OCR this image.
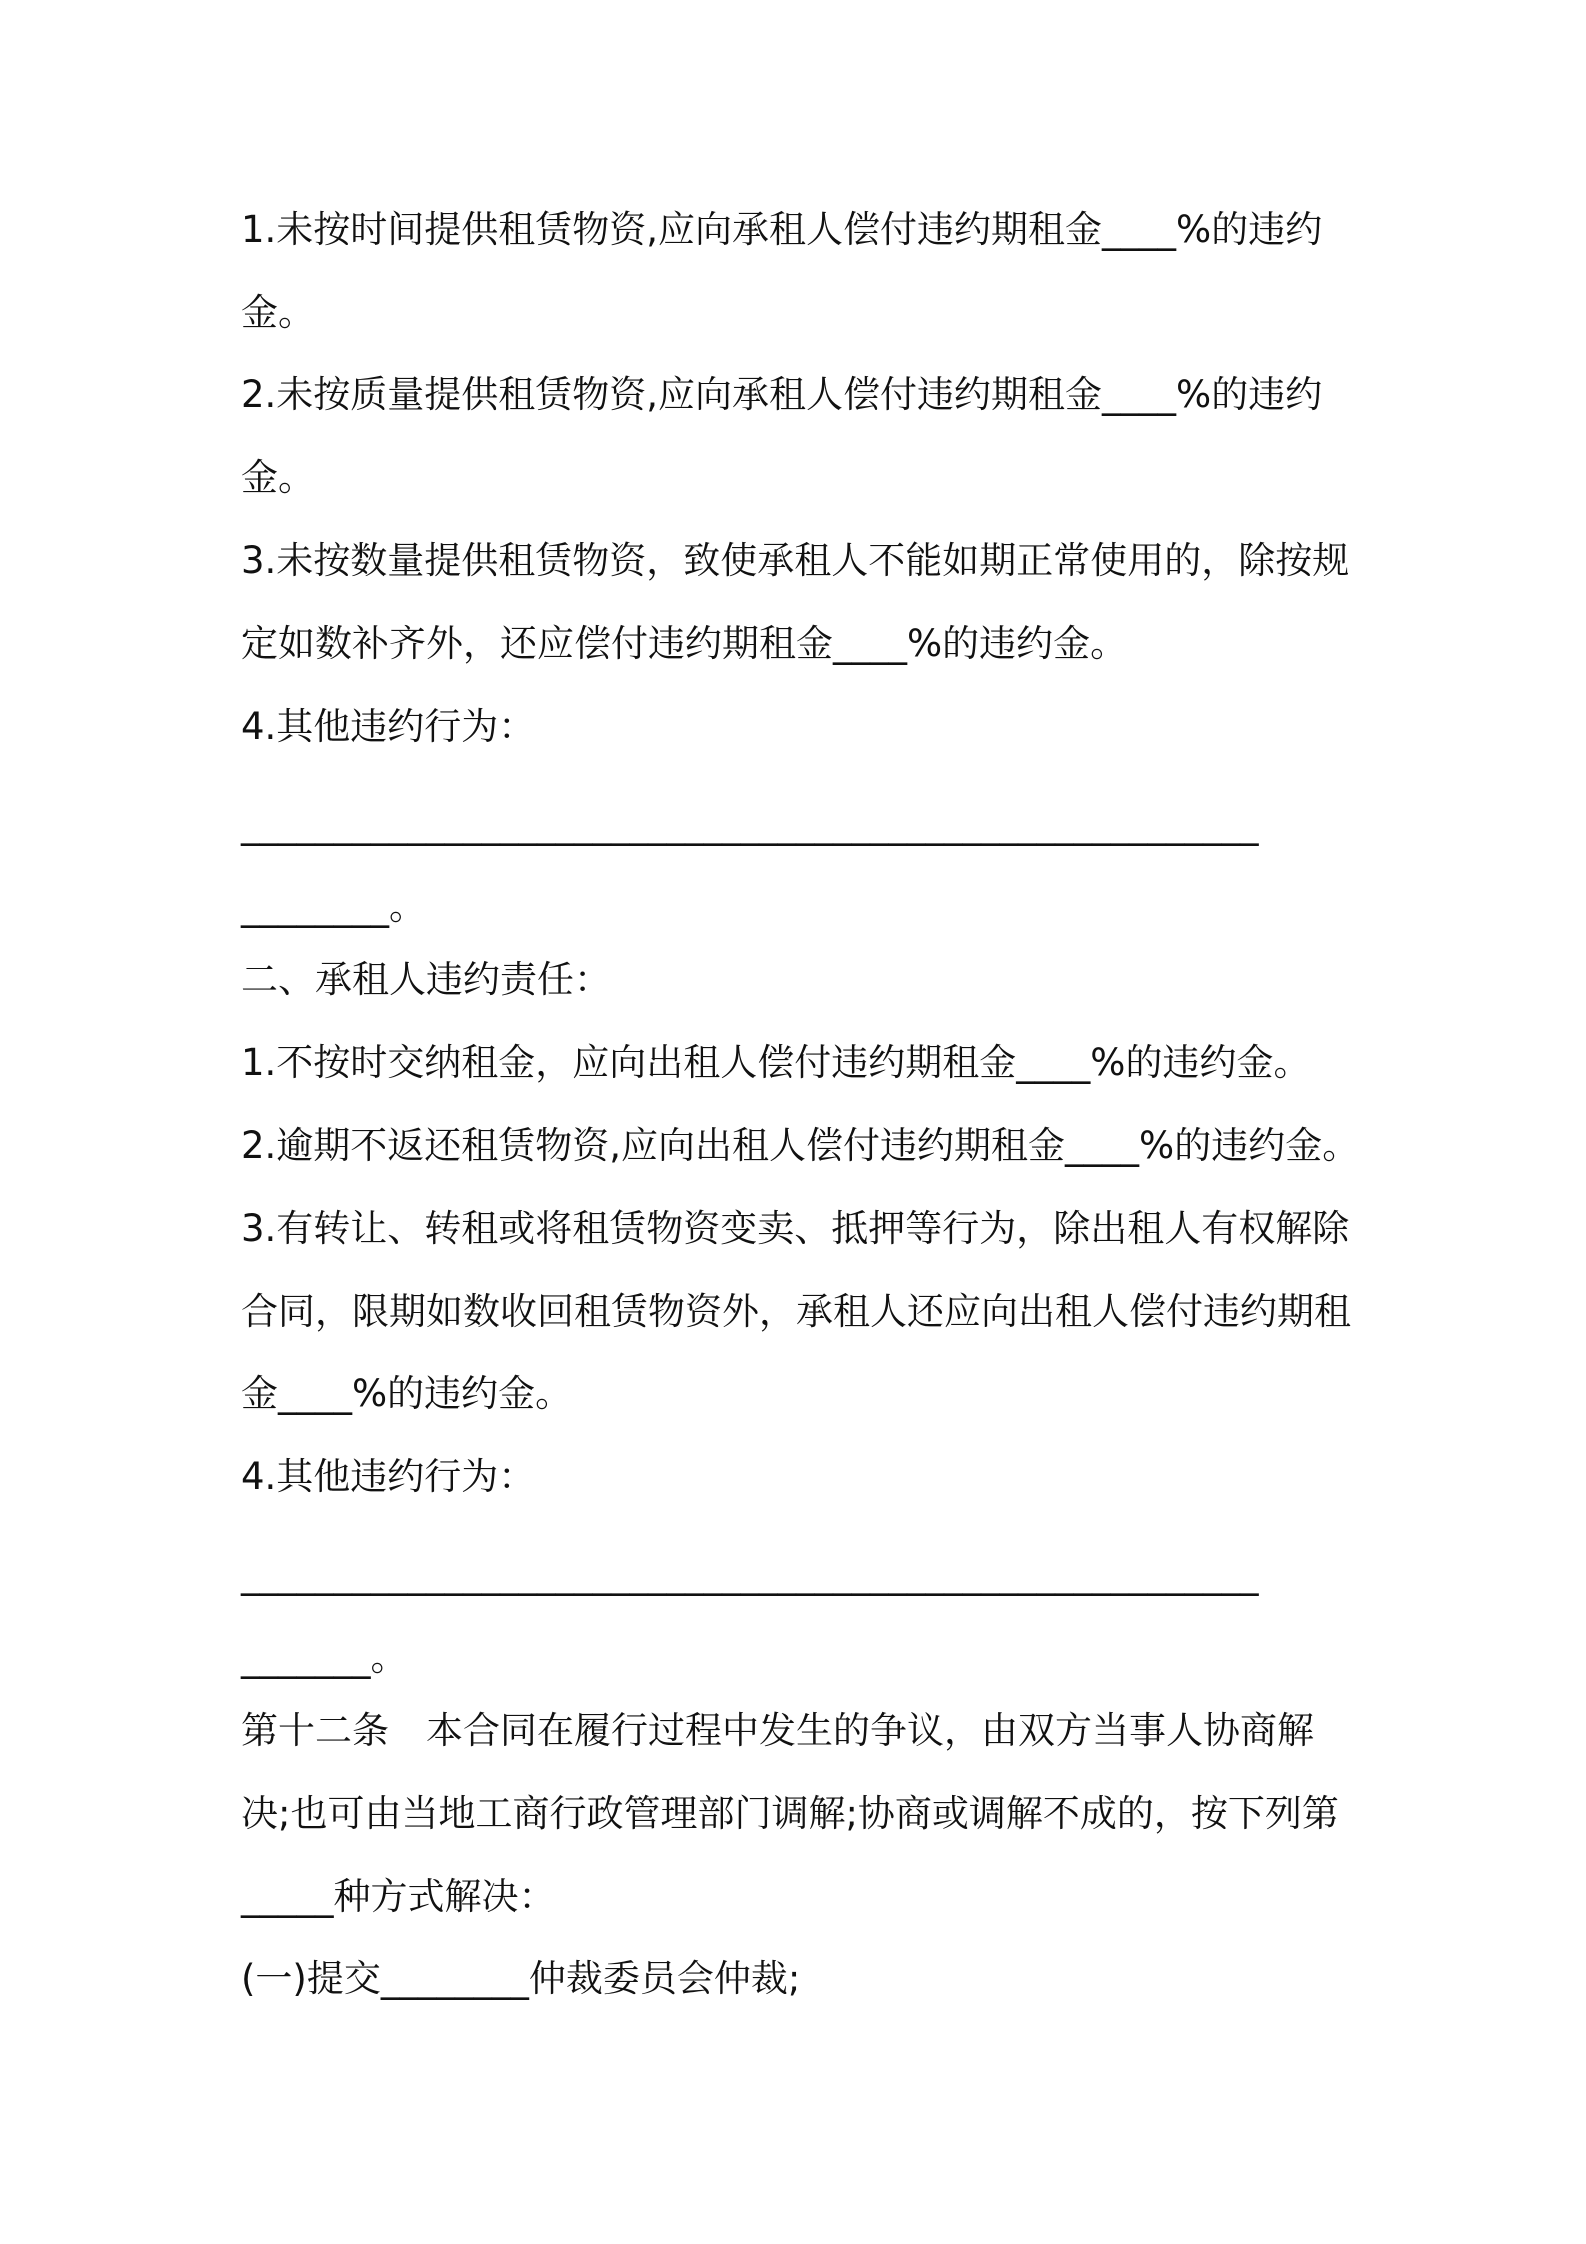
1.未按时间提供租赁物资,应向承租人偿付违约期租金____%的违约
金。
2.未按质量提供租赁物资,应向承租人偿付违约期租金____%的违约
金。
3.未按数量提供租赁物资，致使承租人不能如期正常使用的，除按规
定如数补齐外，还应偿付违约期租金____%的违约金。
4.其他违约行为：
_______________________________________________________
________。
二、承租人违约责任：
1.不按时交纳租金，应向出租人偿付违约期租金____%的违约金。
2.逾期不返还租赁物资,应向出租人偿付违约期租金____%的违约金。
3.有转让、转租或将租赁物资变卖、抵押等行为，除出租人有权解除
合同，限期如数收回租赁物资外，承租人还应向出租人偿付违约期租
金____%的违约金。
4.其他违约行为：
_______________________________________________________
_______。
第十二条　本合同在履行过程中发生的争议，由双方当事人协商解
决;也可由当地工商行政管理部门调解;协商或调解不成的，按下列第
_____种方式解决：
(一)提交________仲裁委员会仲裁;
